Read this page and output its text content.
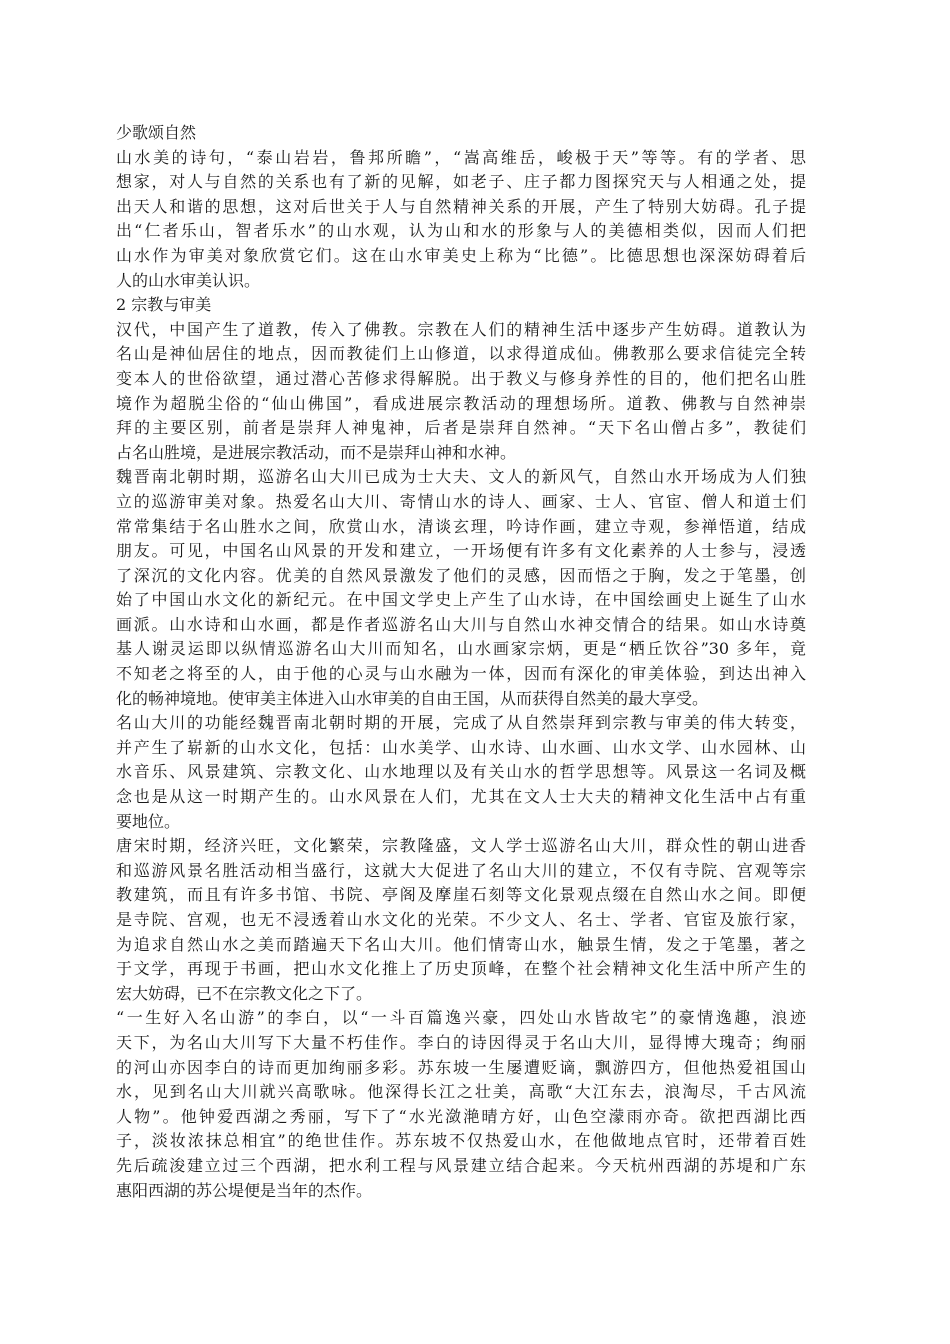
少歌颂自然
山水美的诗句，“泰山岩岩，鲁邦所瞻”，“嵩高维岳，峻极于天”等等。有的学者、思
想家，对人与自然的关系也有了新的见解，如老子、庄子都力图探究天与人相通之处，提
出天人和谐的思想，这对后世关于人与自然精神关系的开展，产生了特别大妨碍。孔子提
出“仁者乐山，智者乐水”的山水观，认为山和水的形象与人的美德相类似，因而人们把
山水作为审美对象欣赏它们。这在山水审美史上称为“比德”。比德思想也深深妨碍着后
人的山水审美认识。
2 宗教与审美
汉代，中国产生了道教，传入了佛教。宗教在人们的精神生活中逐步产生妨碍。道教认为
名山是神仙居住的地点，因而教徒们上山修道，以求得道成仙。佛教那么要求信徒完全转
变本人的世俗欲望，通过潜心苦修求得解脱。出于教义与修身养性的目的，他们把名山胜
境作为超脱尘俗的“仙山佛国”，看成进展宗教活动的理想场所。道教、佛教与自然神崇
拜的主要区别，前者是崇拜人神鬼神，后者是崇拜自然神。“天下名山僧占多”，教徒们
占名山胜境，是进展宗教活动，而不是崇拜山神和水神。
魏晋南北朝时期，巡游名山大川已成为士大夫、文人的新风气，自然山水开场成为人们独
立的巡游审美对象。热爱名山大川、寄情山水的诗人、画家、士人、官宦、僧人和道士们
常常集结于名山胜水之间，欣赏山水，清谈玄理，吟诗作画，建立寺观，参禅悟道，结成
朋友。可见，中国名山风景的开发和建立，一开场便有许多有文化素养的人士参与，浸透
了深沉的文化内容。优美的自然风景激发了他们的灵感，因而悟之于胸，发之于笔墨，创
始了中国山水文化的新纪元。在中国文学史上产生了山水诗，在中国绘画史上诞生了山水
画派。山水诗和山水画，都是作者巡游名山大川与自然山水神交情合的结果。如山水诗奠
基人谢灵运即以纵情巡游名山大川而知名，山水画家宗炳，更是“栖丘饮谷”30 多年，竟
不知老之将至的人，由于他的心灵与山水融为一体，因而有深化的审美体验，到达出神入
化的畅神境地。使审美主体进入山水审美的自由王国，从而获得自然美的最大享受。
名山大川的功能经魏晋南北朝时期的开展，完成了从自然崇拜到宗教与审美的伟大转变，
并产生了崭新的山水文化，包括：山水美学、山水诗、山水画、山水文学、山水园林、山
水音乐、风景建筑、宗教文化、山水地理以及有关山水的哲学思想等。风景这一名词及概
念也是从这一时期产生的。山水风景在人们，尤其在文人士大夫的精神文化生活中占有重
要地位。
唐宋时期，经济兴旺，文化繁荣，宗教隆盛，文人学士巡游名山大川，群众性的朝山进香
和巡游风景名胜活动相当盛行，这就大大促进了名山大川的建立，不仅有寺院、宫观等宗
教建筑，而且有许多书馆、书院、亭阁及摩崖石刻等文化景观点缀在自然山水之间。即便
是寺院、宫观，也无不浸透着山水文化的光荣。不少文人、名士、学者、官宦及旅行家，
为追求自然山水之美而踏遍天下名山大川。他们情寄山水，触景生情，发之于笔墨，著之
于文学，再现于书画，把山水文化推上了历史顶峰，在整个社会精神文化生活中所产生的
宏大妨碍，已不在宗教文化之下了。
“一生好入名山游”的李白，以“一斗百篇逸兴豪，四处山水皆故宅”的豪情逸趣，浪迹
天下，为名山大川写下大量不朽佳作。李白的诗因得灵于名山大川，显得博大瑰奇；绚丽
的河山亦因李白的诗而更加绚丽多彩。苏东坡一生屡遭贬谪，飘游四方，但他热爱祖国山
水，见到名山大川就兴高歌咏。他深得长江之壮美，高歌“大江东去，浪淘尽，千古风流
人物”。他钟爱西湖之秀丽，写下了“水光潋滟晴方好，山色空濛雨亦奇。欲把西湖比西
子，淡妆浓抹总相宜”的绝世佳作。苏东坡不仅热爱山水，在他做地点官时，还带着百姓
先后疏浚建立过三个西湖，把水利工程与风景建立结合起来。今天杭州西湖的苏堤和广东
惠阳西湖的苏公堤便是当年的杰作。
